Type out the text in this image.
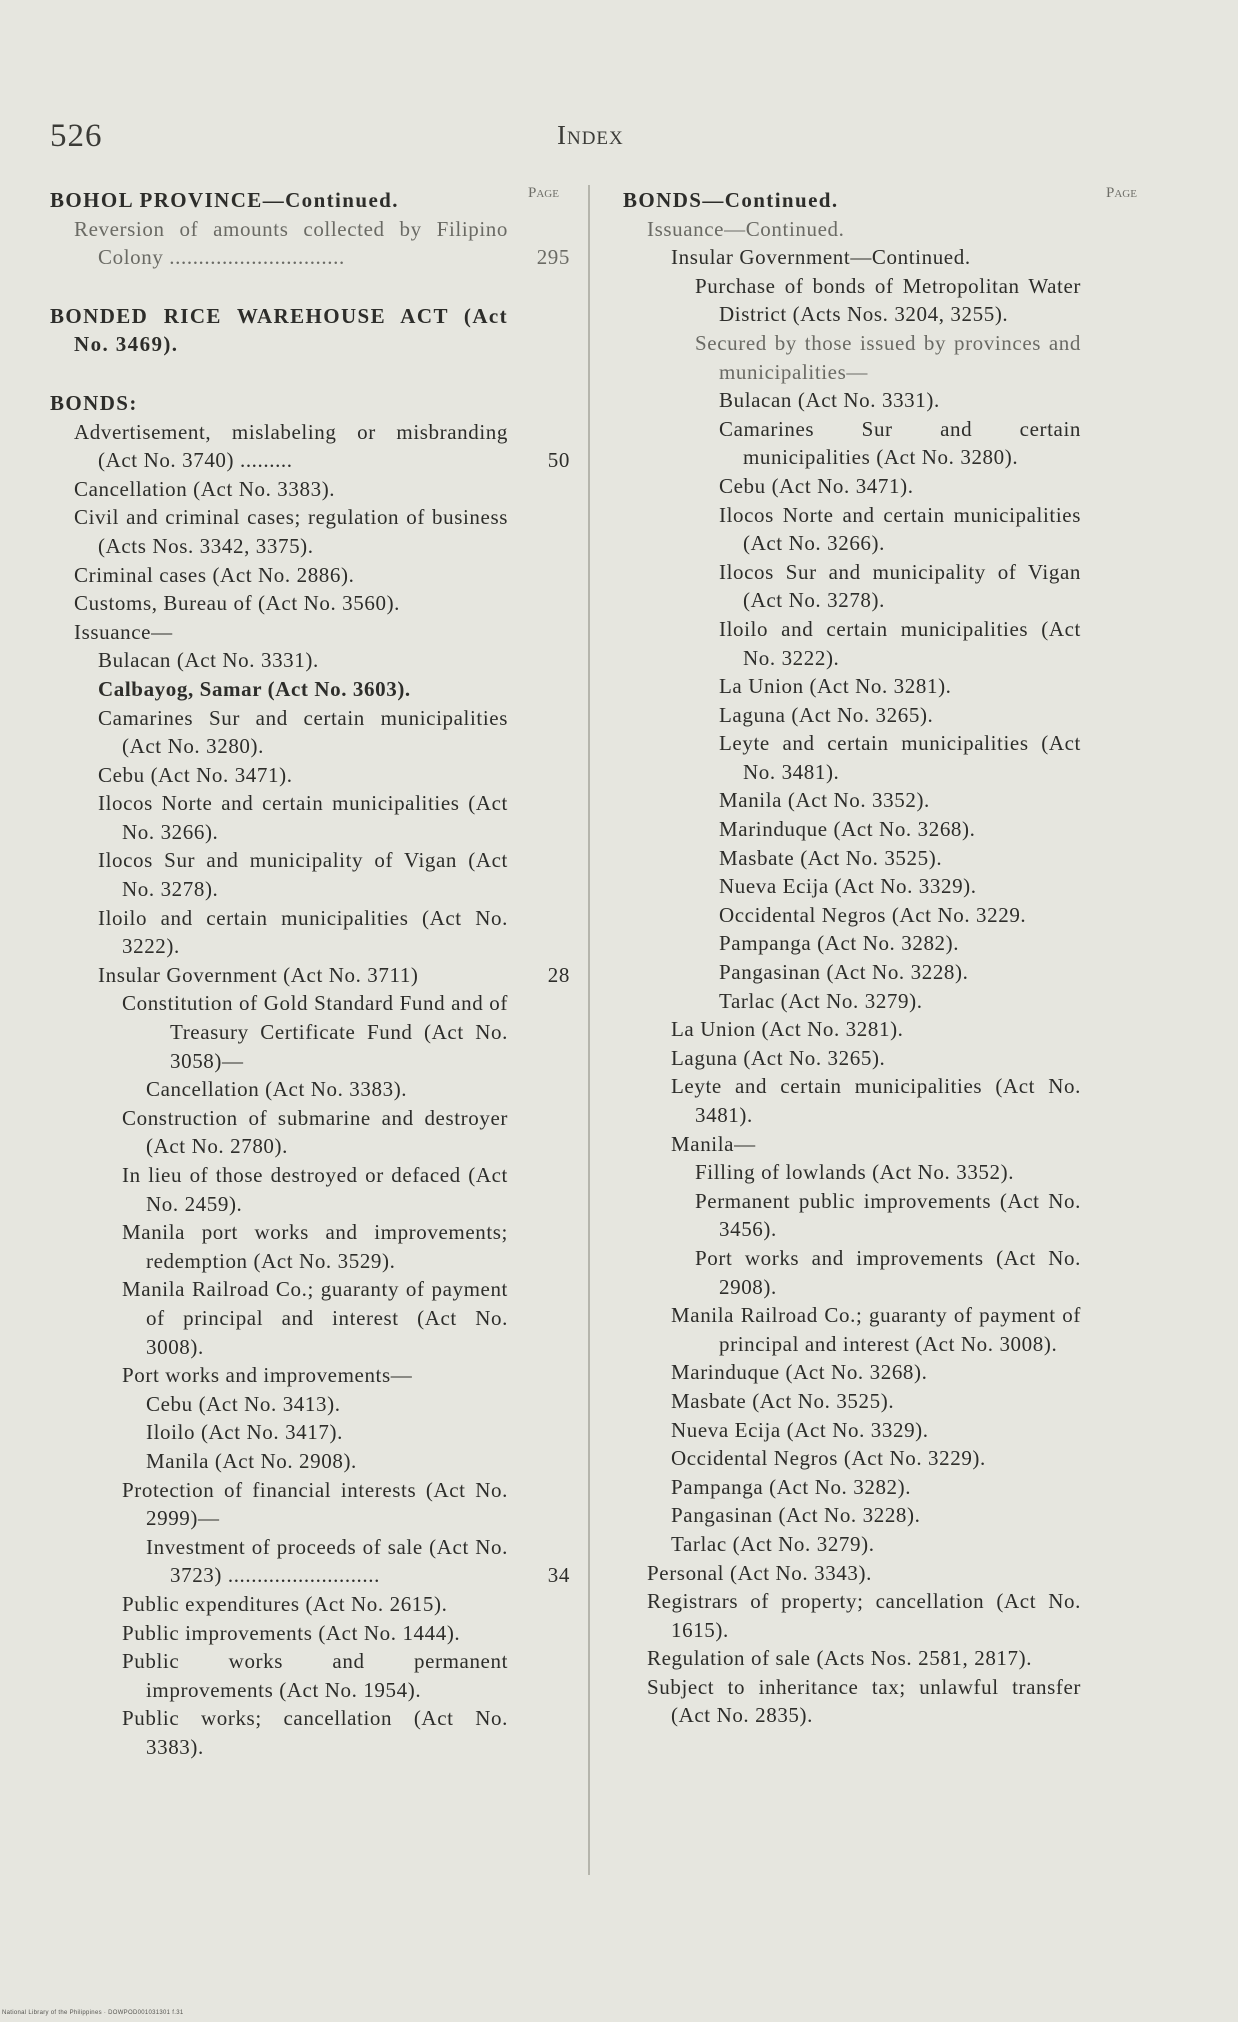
526	Index
Page	Page
BOHOL PROVINCE—Continued.
Reversion of amounts collected by Filipino Colony ..............................	295
BONDED RICE WAREHOUSE ACT (Act No. 3469).
BONDS:
Advertisement, mislabeling or misbranding (Act No. 3740) .........	50
Cancellation (Act No. 3383).
Civil and criminal cases; regulation of business (Acts Nos. 3342, 3375).
Criminal cases (Act No. 2886).
Customs, Bureau of (Act No. 3560).
Issuance—
Bulacan (Act No. 3331).
Calbayog, Samar (Act No. 3603).
Camarines Sur and certain municipalities (Act No. 3280).
Cebu (Act No. 3471).
Ilocos Norte and certain municipalities (Act No. 3266).
Ilocos Sur and municipality of Vigan (Act No. 3278).
Iloilo and certain municipalities (Act No. 3222).
Insular Government (Act No. 3711)	28
Constitution of Gold Standard Fund and of Treasury Certificate Fund (Act No. 3058)—
Cancellation (Act No. 3383).
Construction of submarine and destroyer (Act No. 2780).
In lieu of those destroyed or defaced (Act No. 2459).
Manila port works and improvements; redemption (Act No. 3529).
Manila Railroad Co.; guaranty of payment of principal and interest (Act No. 3008).
Port works and improvements—
Cebu (Act No. 3413).
Iloilo (Act No. 3417).
Manila (Act No. 2908).
Protection of financial interests (Act No. 2999)—
Investment of proceeds of sale (Act No. 3723) ..........................	34
Public expenditures (Act No. 2615).
Public improvements (Act No. 1444).
Public works and permanent improvements (Act No. 1954).
Public works; cancellation (Act No. 3383).
BONDS—Continued.
Issuance—Continued.
Insular Government—Continued.
Purchase of bonds of Metropolitan Water District (Acts Nos. 3204, 3255).
Secured by those issued by provinces and municipalities—
Bulacan (Act No. 3331).
Camarines Sur and certain municipalities (Act No. 3280).
Cebu (Act No. 3471).
Ilocos Norte and certain municipalities (Act No. 3266).
Ilocos Sur and municipality of Vigan (Act No. 3278).
Iloilo and certain municipalities (Act No. 3222).
La Union (Act No. 3281).
Laguna (Act No. 3265).
Leyte and certain municipalities (Act No. 3481).
Manila (Act No. 3352).
Marinduque (Act No. 3268).
Masbate (Act No. 3525).
Nueva Ecija (Act No. 3329).
Occidental Negros (Act No. 3229.
Pampanga (Act No. 3282).
Pangasinan (Act No. 3228).
Tarlac (Act No. 3279).
La Union (Act No. 3281).
Laguna (Act No. 3265).
Leyte and certain municipalities (Act No. 3481).
Manila—
Filling of lowlands (Act No. 3352).
Permanent public improvements (Act No. 3456).
Port works and improvements (Act No. 2908).
Manila Railroad Co.; guaranty of payment of principal and interest (Act No. 3008).
Marinduque (Act No. 3268).
Masbate (Act No. 3525).
Nueva Ecija (Act No. 3329).
Occidental Negros (Act No. 3229).
Pampanga (Act No. 3282).
Pangasinan (Act No. 3228).
Tarlac (Act No. 3279).
Personal (Act No. 3343).
Registrars of property; cancellation (Act No. 1615).
Regulation of sale (Acts Nos. 2581, 2817).
Subject to inheritance tax; unlawful transfer (Act No. 2835).
National Library of the Philippines · DOWPOD001031301 f.31
